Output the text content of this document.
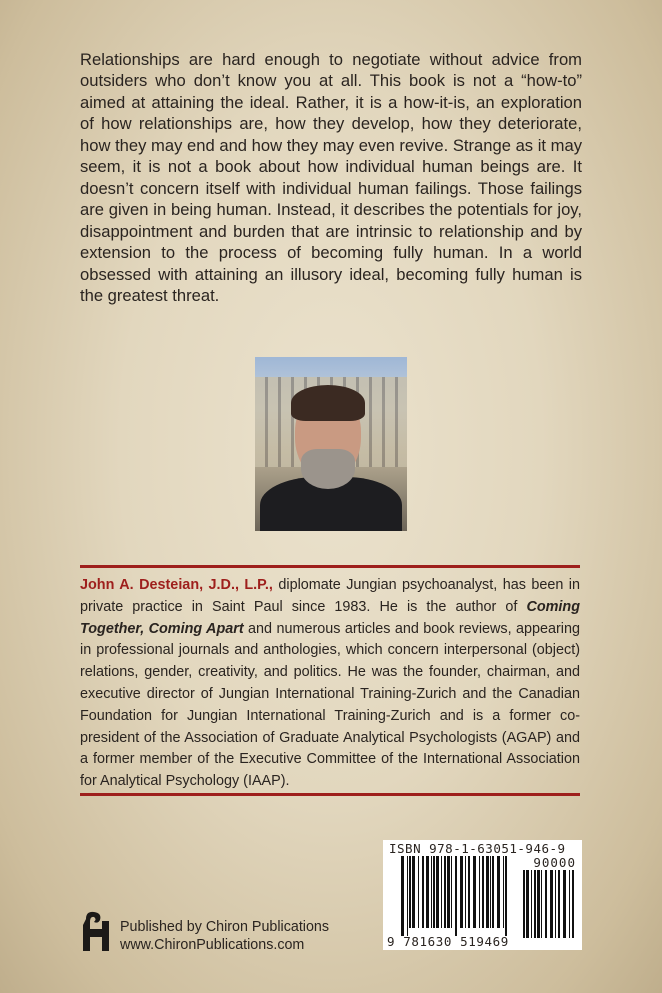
Relationships are hard enough to negotiate without advice from outsiders who don’t know you at all. This book is not a “how-to” aimed at attaining the ideal. Rather, it is a how-it-is, an exploration of how relationships are, how they develop, how they deteriorate, how they may end and how they may even revive. Strange as it may seem, it is not a book about how individual human beings are. It doesn’t concern itself with individual human failings. Those failings are given in being human. Instead, it describes the potentials for joy, disappointment and burden that are intrinsic to relationship and by extension to the process of becoming fully human. In a world obsessed with attaining an illusory ideal, becoming fully human is the greatest threat.
John A. Desteian, J.D., L.P., diplomate Jungian psychoanalyst, has been in private practice in Saint Paul since 1983. He is the author of Coming Together, Coming Apart and numerous articles and book reviews, appearing in professional journals and anthologies, which concern interpersonal (object) relations, gender, creativity, and politics. He was the founder, chairman, and executive director of Jungian International Training-Zurich and the Canadian Foundation for Jungian International Training-Zurich and is a former co-president of the Association of Graduate Analytical Psychologists (AGAP) and a former member of the Executive Committee of the International Association for Analytical Psychology (IAAP).
ISBN 978-1-63051-946-9
90000
9 781630 519469
Published by Chiron Publications
www.ChironPublications.com
